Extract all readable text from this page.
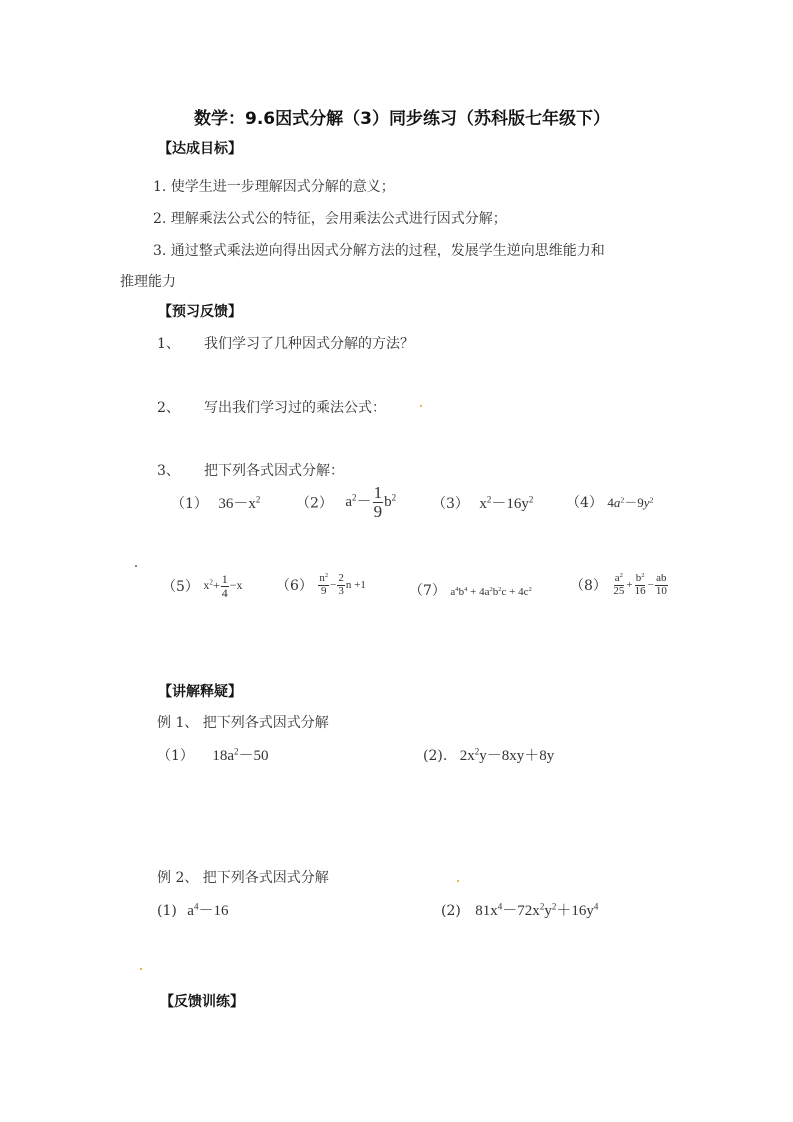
数学：9.6因式分解（3）同步练习（苏科版七年级下）
【达成目标】
1. 使学生进一步理解因式分解的意义；
2. 理解乘法公式公的特征，会用乘法公式进行因式分解；
3. 通过整式乘法逆向得出因式分解方法的过程，发展学生逆向思维能力和
推理能力
【预习反馈】
1、 我们学习了几种因式分解的方法？
2、 写出我们学习过的乘法公式：
3、 把下列各式因式分解：
（1） $36-x^2$	（2） $a^2- \frac{1}{9} b^2$	（3） $x^2-16y^2$ （4） $4a^2-9y^2$
（5） $x^2+ \frac{1}{4} -x$ $(6) \frac{n^2}{9} - \frac{2}{3}$ n +1	（7） $a^4b^4 + 4a^2b^2c + 4c^2$	$(8) \frac{a^2}{25} + \frac{b^2}{16} - \frac{ab}{10}$
【讲解释疑】
例 1、 把下列各式因式分解
（1） $18a^2-50$	(2). $2x^2y-8xy+8y$
例 2、 把下列各式因式分解
(1) $a^4-16$	(2) $81x^4-72x^2y^2+16y^4$
【反馈训练】
